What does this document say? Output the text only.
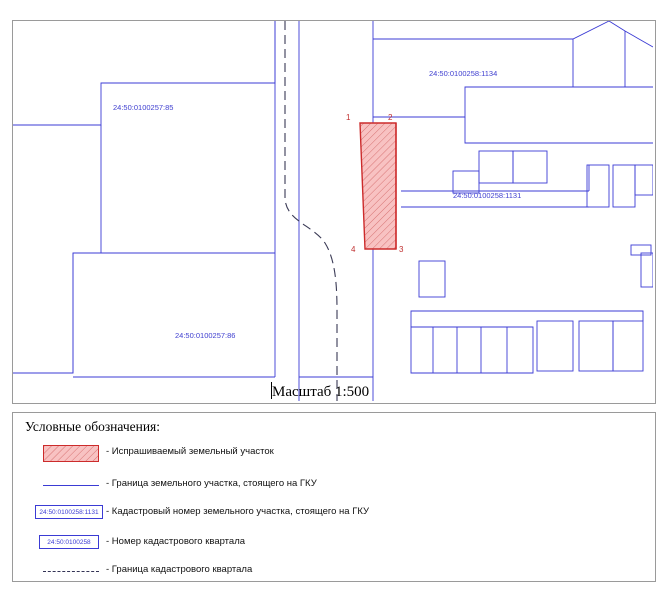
24:50:0100257:85
24:50:0100258:1134
24:50:0100258:1131
24:50:0100257:86
1	2
3
4
Масштаб 1:500
Условные обозначения:
- Испрашиваемый земельный участок
- Граница земельного участка, стоящего на ГКУ
24:50:0100258:1131 - Кадастровый номер земельного участка, стоящего на ГКУ
24:50:0100258 - Номер кадастрового квартала
- Граница кадастрового квартала
